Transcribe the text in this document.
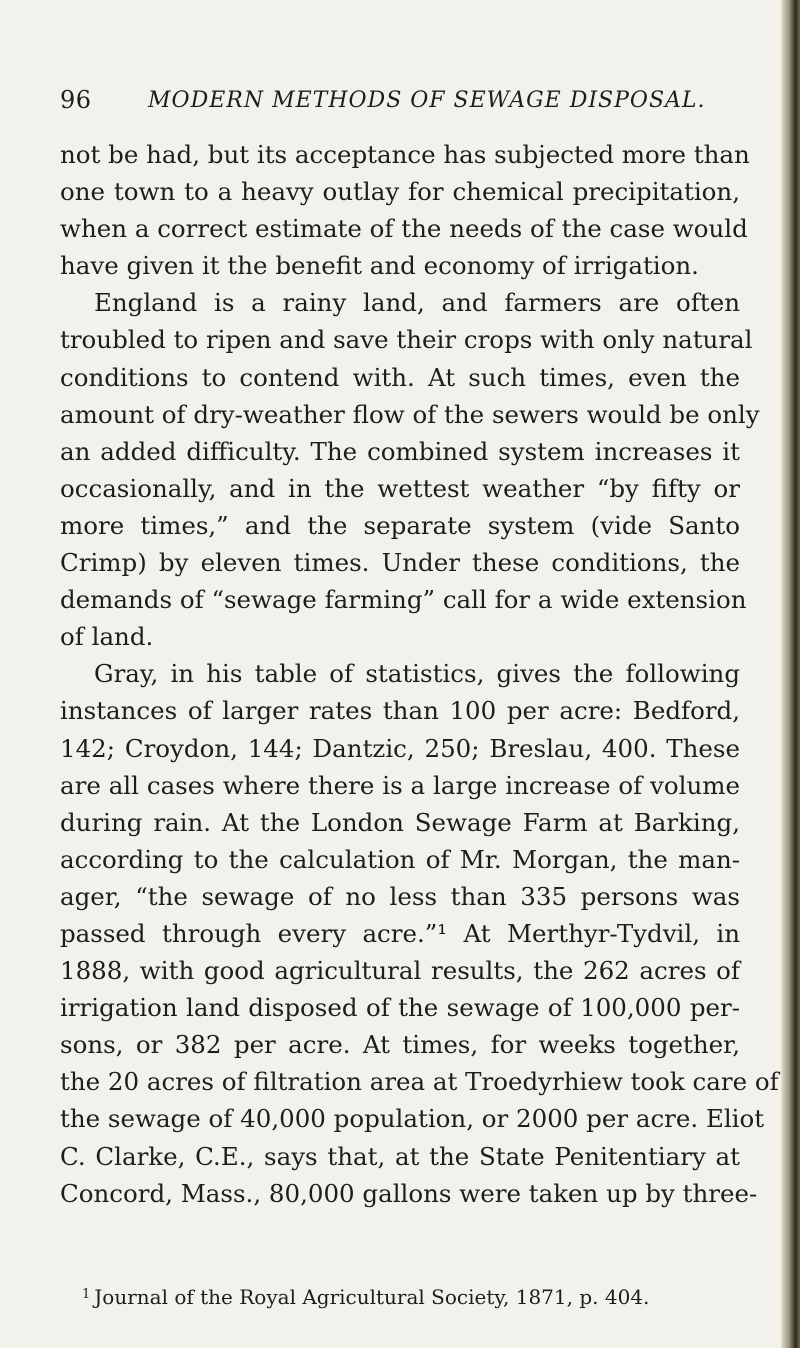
96	MODERN METHODS OF SEWAGE DISPOSAL.
not be had, but its acceptance has subjected more than
one town to a heavy outlay for chemical precipitation,
when a correct estimate of the needs of the case would
have given it the benefit and economy of irrigation.
England is a rainy land, and farmers are often
troubled to ripen and save their crops with only natural
conditions to contend with. At such times, even the
amount of dry-weather flow of the sewers would be only
an added difficulty. The combined system increases it
occasionally, and in the wettest weather “by fifty or
more times,” and the separate system (vide Santo
Crimp) by eleven times. Under these conditions, the
demands of “sewage farming” call for a wide extension
of land.
Gray, in his table of statistics, gives the following
instances of larger rates than 100 per acre: Bedford,
142; Croydon, 144; Dantzic, 250; Breslau, 400. These
are all cases where there is a large increase of volume
during rain. At the London Sewage Farm at Barking,
according to the calculation of Mr. Morgan, the man-
ager, “the sewage of no less than 335 persons was
passed through every acre.”¹ At Merthyr-Tydvil, in
1888, with good agricultural results, the 262 acres of
irrigation land disposed of the sewage of 100,000 per-
sons, or 382 per acre. At times, for weeks together,
the 20 acres of filtration area at Troedyrhiew took care of
the sewage of 40,000 population, or 2000 per acre. Eliot
C. Clarke, C.E., says that, at the State Penitentiary at
Concord, Mass., 80,000 gallons were taken up by three-
$^1$ Journal of the Royal Agricultural Society, 1871, p. 404.
